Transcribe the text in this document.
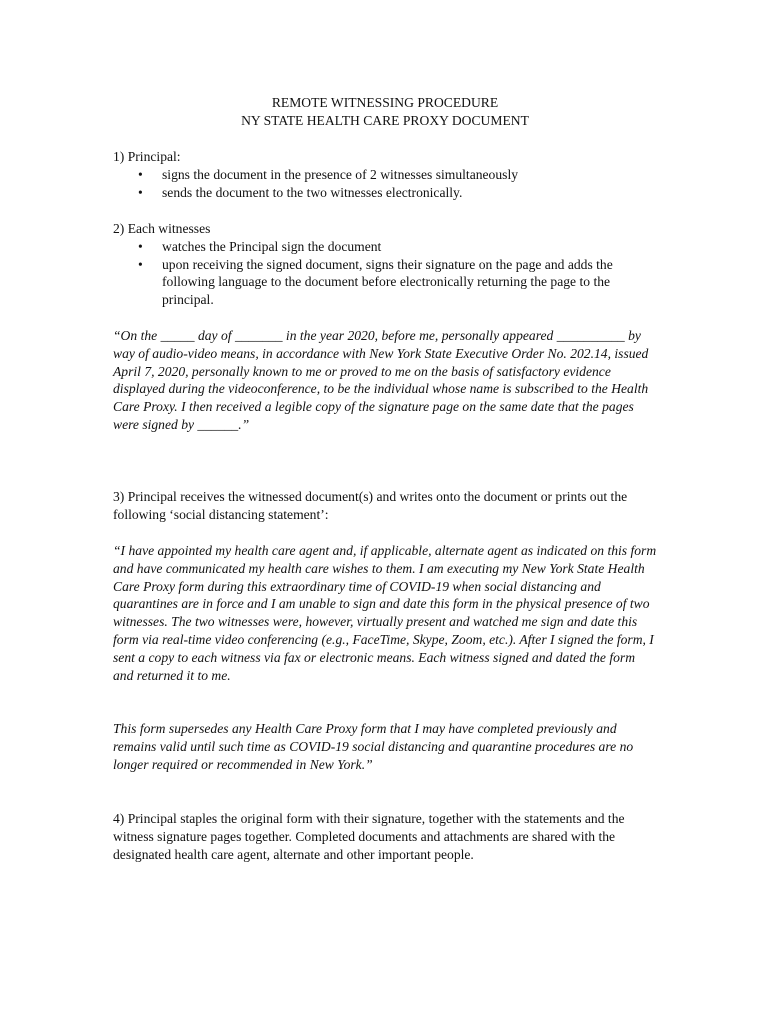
REMOTE WITNESSING PROCEDURE
NY STATE HEALTH CARE PROXY DOCUMENT

1) Principal:

• signs the document in the presence of 2 witnesses simultaneously
• sends the document to the two witnesses electronically.

2) Each witnesses

• watches the Principal sign the document
• upon receiving the signed document, signs their signature on the page and adds the following language to the document before electronically returning the page to the principal.
“On the _____ day of _______ in the year 2020, before me, personally appeared __________ by way of audio-video means, in accordance with New York State Executive Order No. 202.14, issued April 7, 2020, personally known to me or proved to me on the basis of satisfactory evidence displayed during the videoconference, to be the individual whose name is subscribed to the Health Care Proxy. I then received a legible copy of the signature page on the same date that the pages were signed by ______.”
3) Principal receives the witnessed document(s) and writes onto the document or prints out the following ‘social distancing statement’:
“I have appointed my health care agent and, if applicable, alternate agent as indicated on this form and have communicated my health care wishes to them. I am executing my New York State Health Care Proxy form during this extraordinary time of COVID-19 when social distancing and quarantines are in force and I am unable to sign and date this form in the physical presence of two witnesses. The two witnesses were, however, virtually present and watched me sign and date this form via real-time video conferencing (e.g., FaceTime, Skype, Zoom, etc.). After I signed the form, I sent a copy to each witness via fax or electronic means. Each witness signed and dated the form and returned it to me.
This form supersedes any Health Care Proxy form that I may have completed previously and remains valid until such time as COVID-19 social distancing and quarantine procedures are no longer required or recommended in New York.”
4) Principal staples the original form with their signature, together with the statements and the witness signature pages together. Completed documents and attachments are shared with the designated health care agent, alternate and other important people.
